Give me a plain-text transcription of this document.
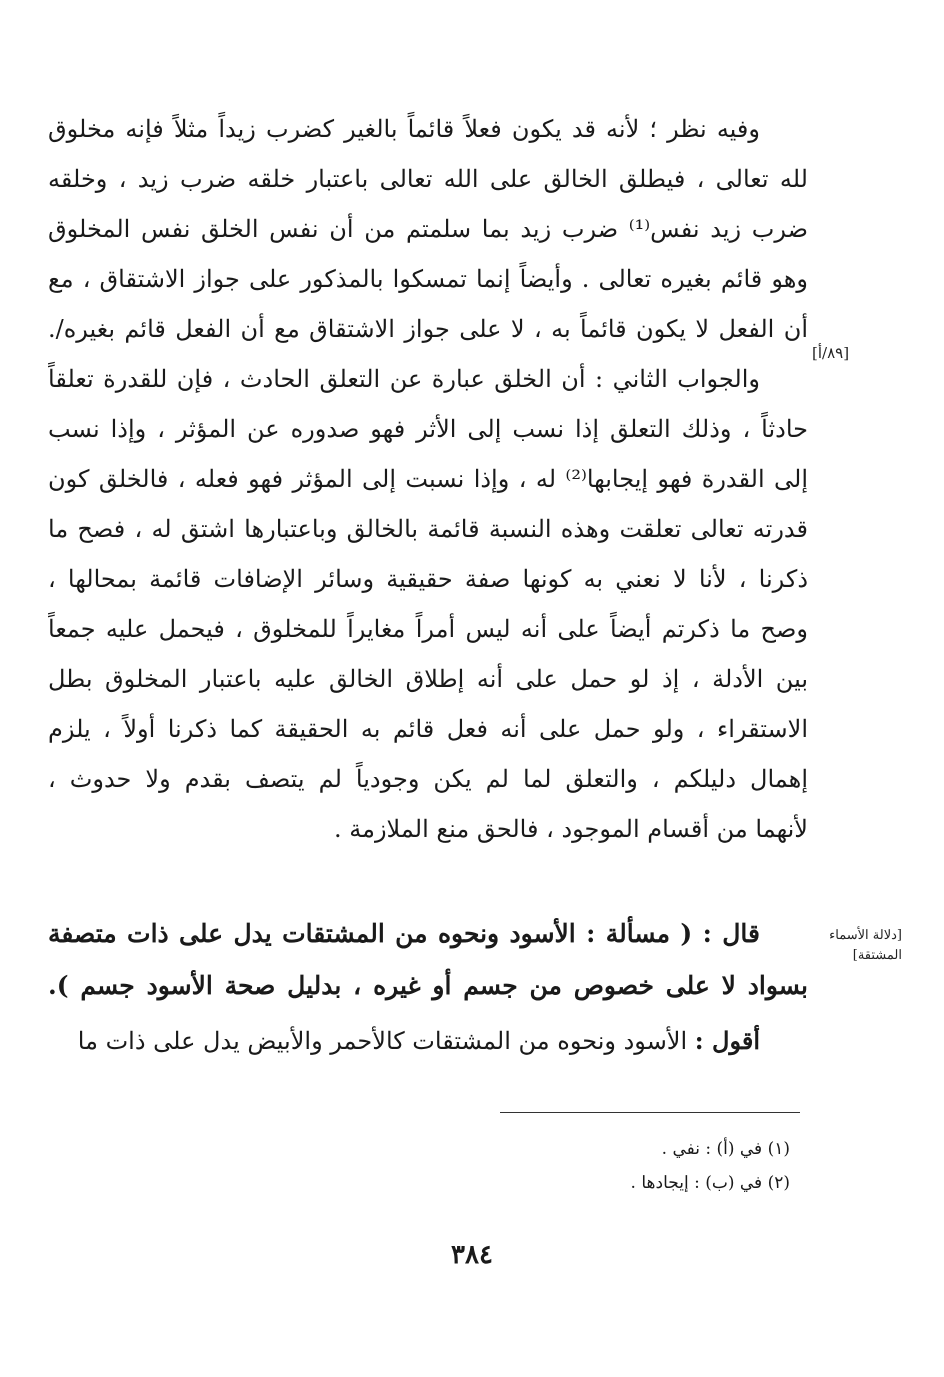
وفيه نظر ؛ لأنه قد يكون فعلاً قائماً بالغير كضرب زيداً مثلاً فإنه مخلوق
لله تعالى ، فيطلق الخالق على الله تعالى باعتبار خلقه ضرب زيد ، وخلقه
ضرب زيد نفس⁽¹⁾ ضرب زيد بما سلمتم من أن نفس الخلق نفس المخلوق
وهو قائم بغيره تعالى . وأيضاً إنما تمسكوا بالمذكور على جواز الاشتقاق ، مع
أن الفعل لا يكون قائماً به ، لا على جواز الاشتقاق مع أن الفعل قائم بغيره/.
والجواب الثاني : أن الخلق عبارة عن التعلق الحادث ، فإن للقدرة تعلقاً
حادثاً ، وذلك التعلق إذا نسب إلى الأثر فهو صدوره عن المؤثر ، وإذا نسب
إلى القدرة فهو إيجابها⁽²⁾ له ، وإذا نسبت إلى المؤثر فهو فعله ، فالخلق كون
قدرته تعالى تعلقت وهذه النسبة قائمة بالخالق وباعتبارها اشتق له ، فصح ما
ذكرنا ، لأنا لا نعني به كونها صفة حقيقية وسائر الإضافات قائمة بمحالها ،
وصح ما ذكرتم أيضاً على أنه ليس أمراً مغايراً للمخلوق ، فيحمل عليه جمعاً
بين الأدلة ، إذ لو حمل على أنه إطلاق الخالق عليه باعتبار المخلوق بطل
الاستقراء ، ولو حمل على أنه فعل قائم به الحقيقة كما ذكرنا أولاً ، يلزم
إهمال دليلكم ، والتعلق لما لم يكن وجودياً لم يتصف بقدم ولا حدوث ،
لأنهما من أقسام الموجود ، فالحق منع الملازمة .
قال : ( مسألة : الأسود ونحوه من المشتقات يدل على ذات متصفة
بسواد لا على خصوص من جسم أو غيره ، بدليل صحة الأسود جسم ).
أقول : الأسود ونحوه من المشتقات كالأحمر والأبيض يدل على ذات ما
[٨٩/أ]
[دلالة الأسماء
المشتقة]
(١) في (أ) : نفي .
(٢) في (ب) : إيجادها .
٣٨٤
